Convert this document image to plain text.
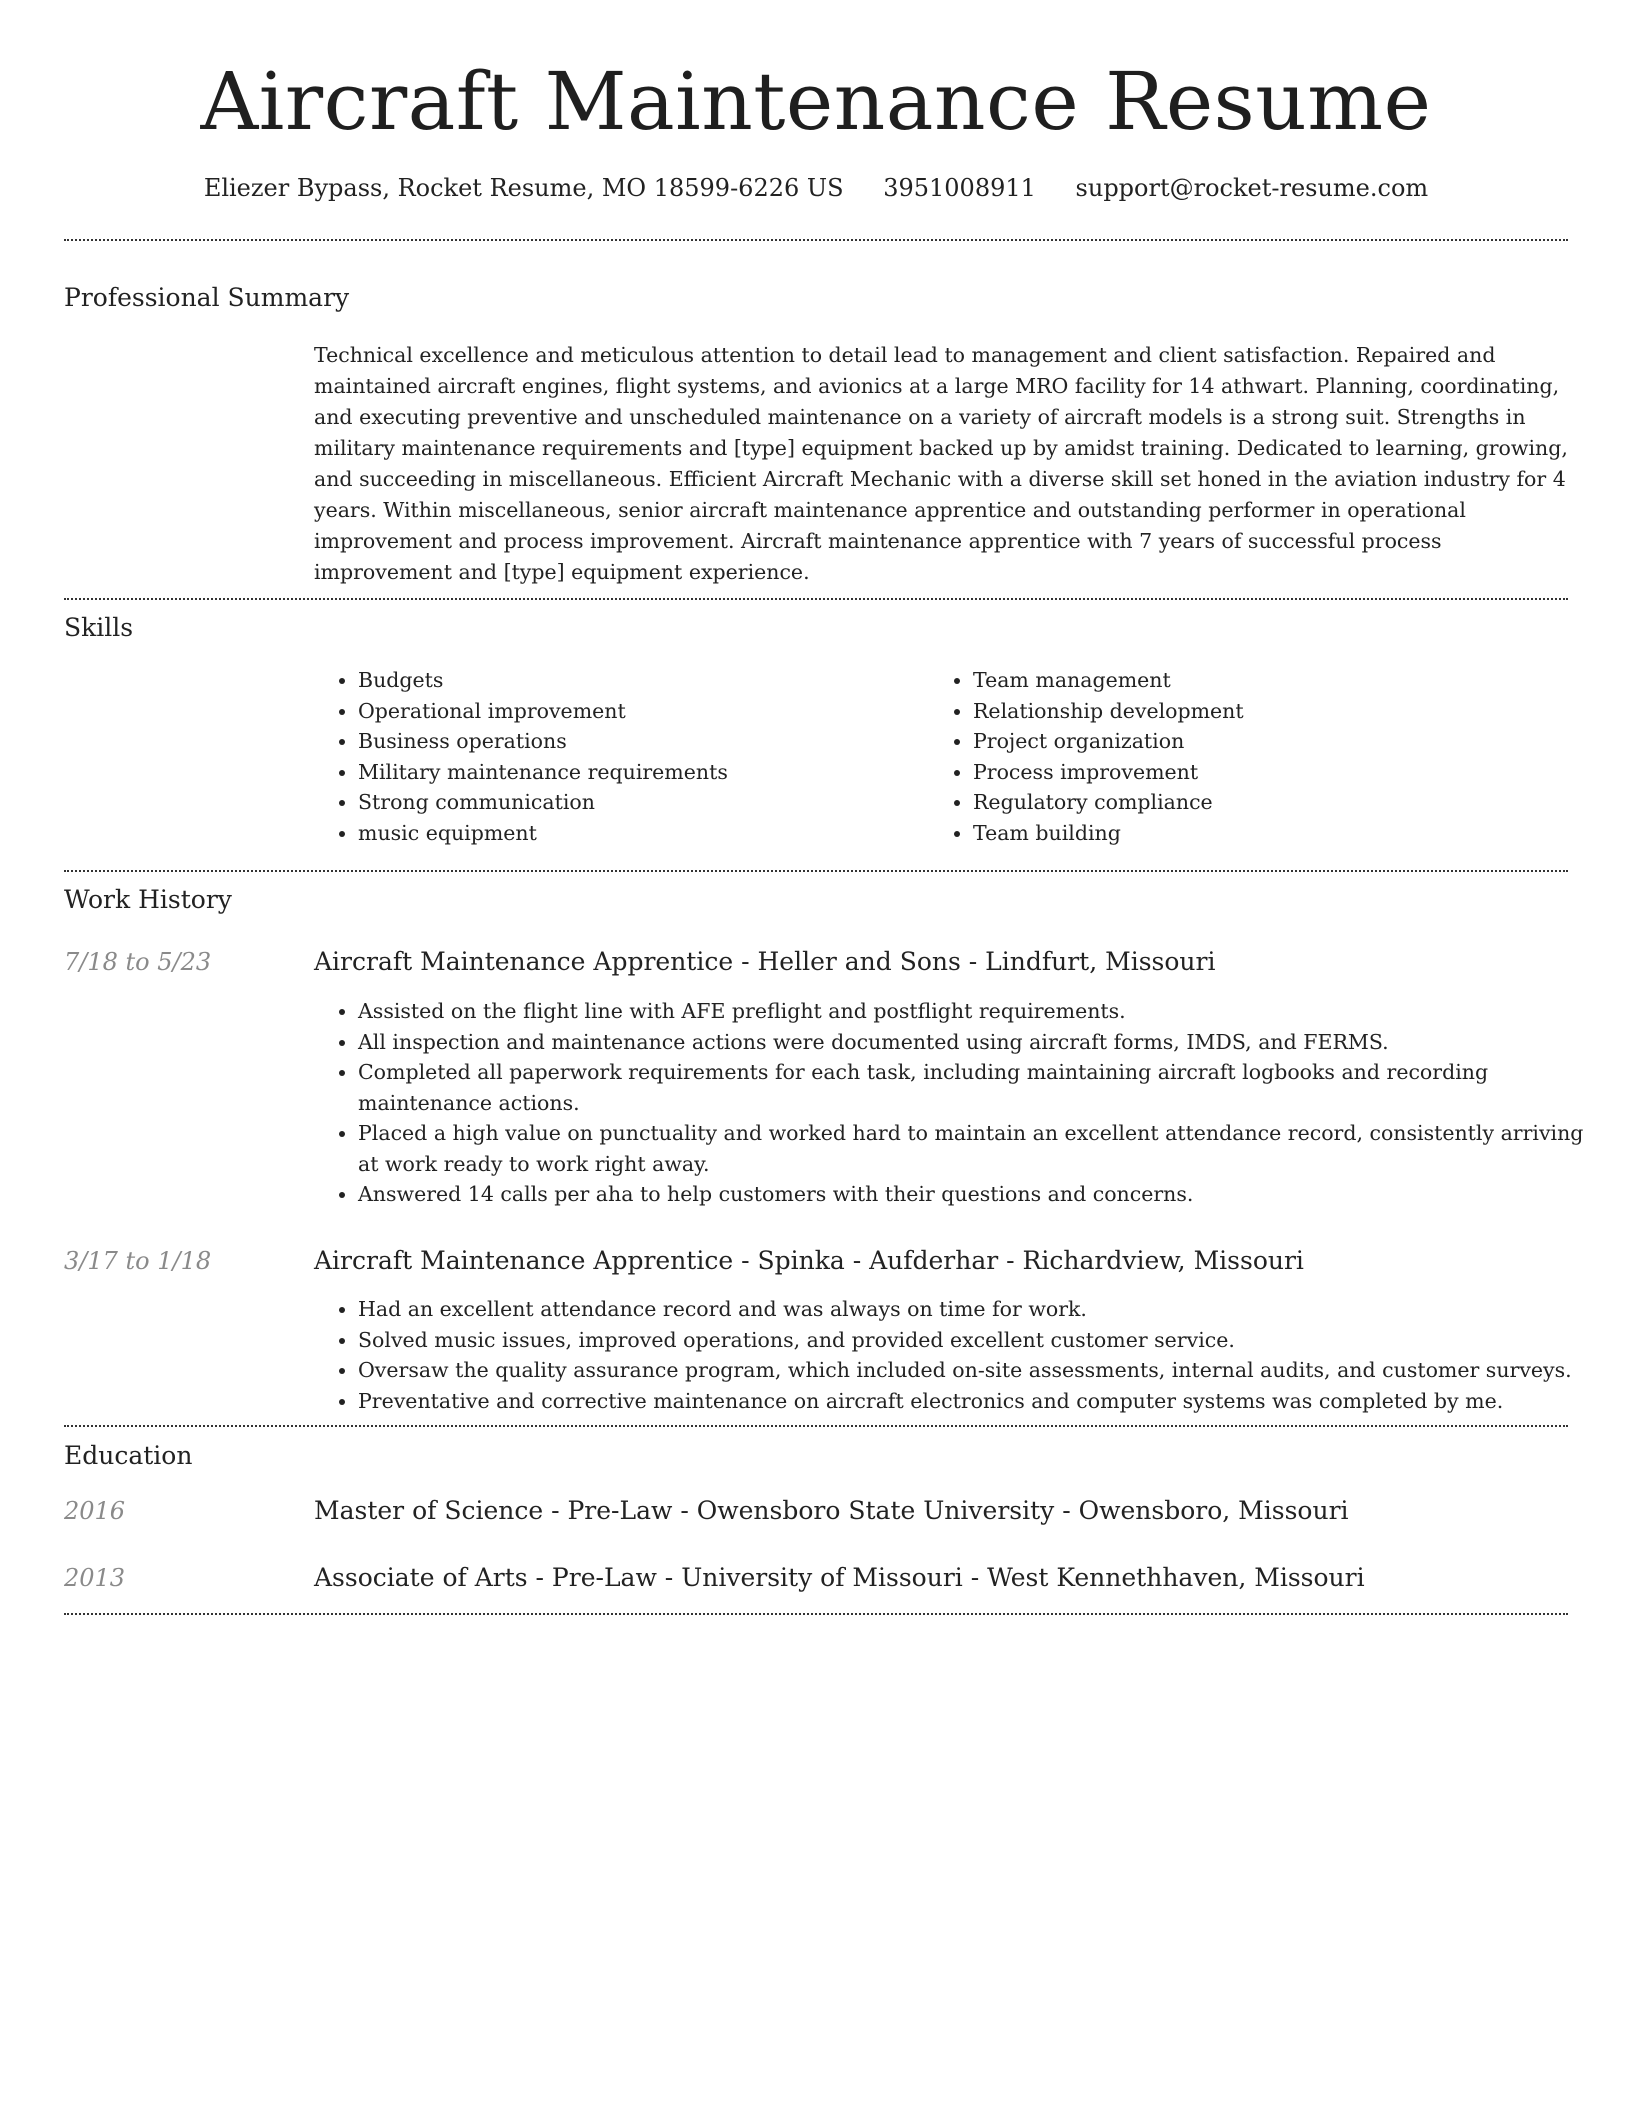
Aircraft Maintenance Resume
Eliezer Bypass, Rocket Resume, MO 18599-6226 US 3951008911 support@rocket-resume.com
Professional Summary
Technical excellence and meticulous attention to detail lead to management and client satisfaction. Repaired and maintained aircraft engines, flight systems, and avionics at a large MRO facility for 14 athwart. Planning, coordinating, and executing preventive and unscheduled maintenance on a variety of aircraft models is a strong suit. Strengths in military maintenance requirements and [type] equipment backed up by amidst training. Dedicated to learning, growing, and succeeding in miscellaneous. Efficient Aircraft Mechanic with a diverse skill set honed in the aviation industry for 4 years. Within miscellaneous, senior aircraft maintenance apprentice and outstanding performer in operational improvement and process improvement. Aircraft maintenance apprentice with 7 years of successful process improvement and [type] equipment experience.
Skills
• Budgets
• Operational improvement
• Business operations
• Military maintenance requirements
• Strong communication
• music equipment
• Team management
• Relationship development
• Project organization
• Process improvement
• Regulatory compliance
• Team building
Work History
7/18 to 5/23	Aircraft Maintenance Apprentice - Heller and Sons - Lindfurt, Missouri
• Assisted on the flight line with AFE preflight and postflight requirements.
• All inspection and maintenance actions were documented using aircraft forms, IMDS, and FERMS.
• Completed all paperwork requirements for each task, including maintaining aircraft logbooks and recording maintenance actions.
• Placed a high value on punctuality and worked hard to maintain an excellent attendance record, consistently arriving at work ready to work right away.
• Answered 14 calls per aha to help customers with their questions and concerns.
3/17 to 1/18	Aircraft Maintenance Apprentice - Spinka - Aufderhar - Richardview, Missouri
• Had an excellent attendance record and was always on time for work.
• Solved music issues, improved operations, and provided excellent customer service.
• Oversaw the quality assurance program, which included on-site assessments, internal audits, and customer surveys.
• Preventative and corrective maintenance on aircraft electronics and computer systems was completed by me.
Education
2016	Master of Science - Pre-Law - Owensboro State University - Owensboro, Missouri
2013	Associate of Arts - Pre-Law - University of Missouri - West Kennethhaven, Missouri
